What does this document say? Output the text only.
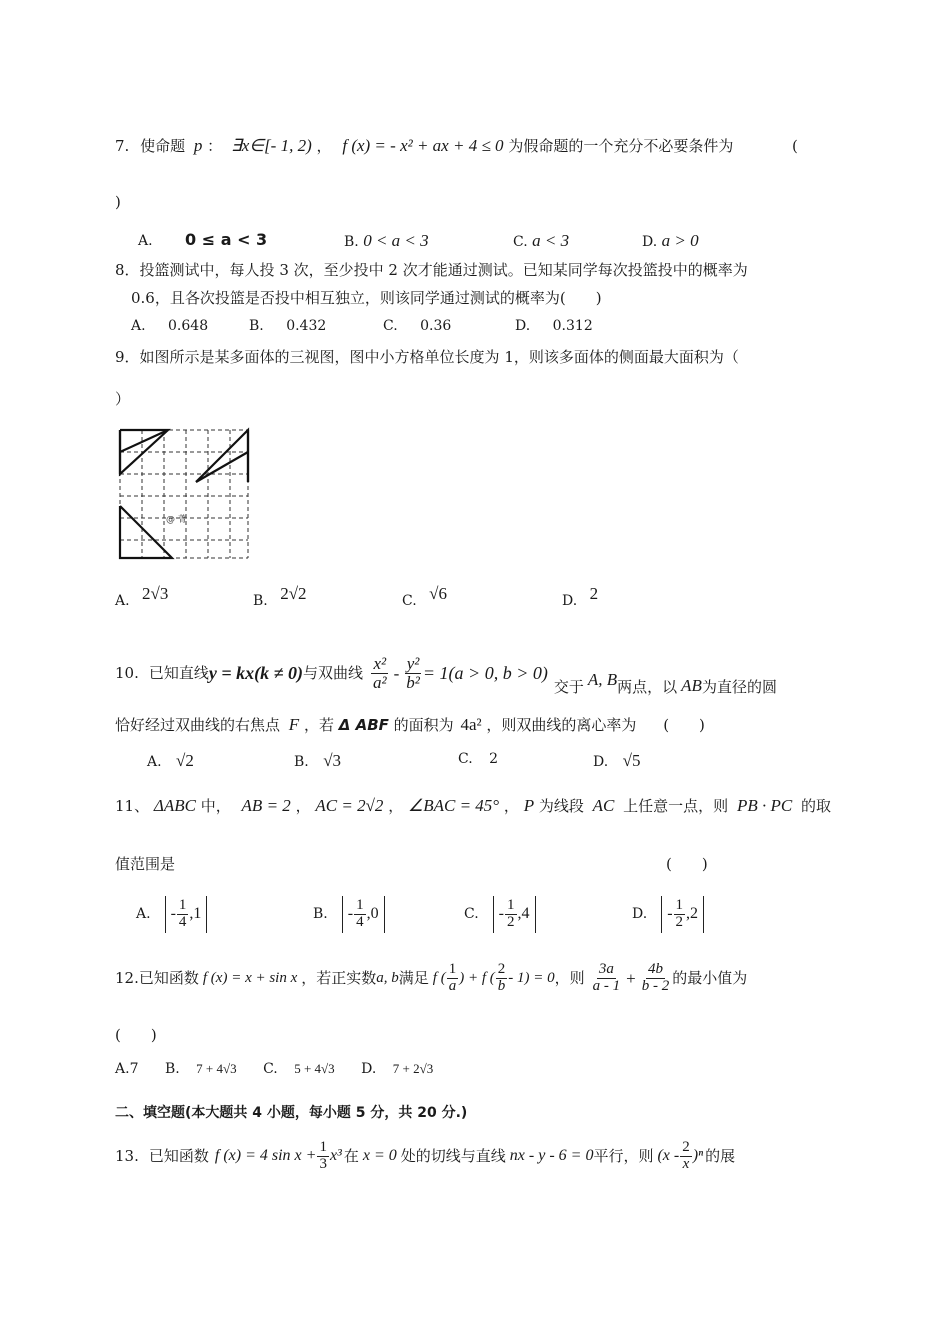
7. 使命题 p ： ∃x∈[- 1, 2) ， f (x) = - x² + ax + 4 ≤ 0 为假命题的一个充分不必要条件为	(
)
A. 0 ≤ a < 3	B. 0 < a < 3	C. a < 3	D. a > 0
8．投篮测试中，每人投 3 次，至少投中 2 次才能通过测试。已知某同学每次投篮投中的概率为
0.6，且各次投篮是否投中相互独立，则该同学通过测试的概率为(　　)
A. 0.648	B. 0.432	C. 0.36	D. 0.312
9．如图所示是某多面体的三视图，图中小方格单位长度为 1，则该多面体的侧面最大面积为（
）
@ 菁
A. 2√3	B. 2√2	C. √6	D. 2
10. 已知直线 y = kx(k ≠ 0) 与双曲线 $\frac{\text{x²}}{\text{a²}} - \frac{\text{y²}}{\text{b²}} = 1(a > 0$, b > 0)
交于 A, B 两点，以 AB 为直径的圆
恰好经过双曲线的右焦点 F ，若 Δ ABF 的面积为 4a² ，则双曲线的离心率为 (　　)
A. √2	B. √3	C. 2	D. √5
11、 ΔABC 中， AB = 2 ， AC = 2√2 ， ∠BAC = 45° ， P 为线段 AC 上任意一点，则 PB · PC 的取
值范围是	(　　)
A. - $\frac{1}{4} ,1$	B. - $\frac{1}{4} ,0$	C. - $\frac{1}{2} ,4$	D. - $\frac{1}{2} ,2$
12. 已知函数 f (x) = x + sin x ，若正实数 a, b 满足 f ( $\frac{1}{a}$ ) + f ( $\frac{2}{b} - 1) = 0$ ，则 $\frac{3a}{a - 1} + \frac{4b}{b - 2}$ 的最小值为
(　　)
A.7 B. 7 + 4√3 C. 5 + 4√3 D. 7 + 2√3
二、填空题(本大题共 4 小题，每小题 5 分，共 20 分.)
13. 已知函数 f (x) = 4 $\sin x + \frac{1}{3} x^3$ 在 x = 0 处的切线与直线 nx - y - 6 = 0 平行，则 $(x - \frac{2}{x} )^n$ 的展
